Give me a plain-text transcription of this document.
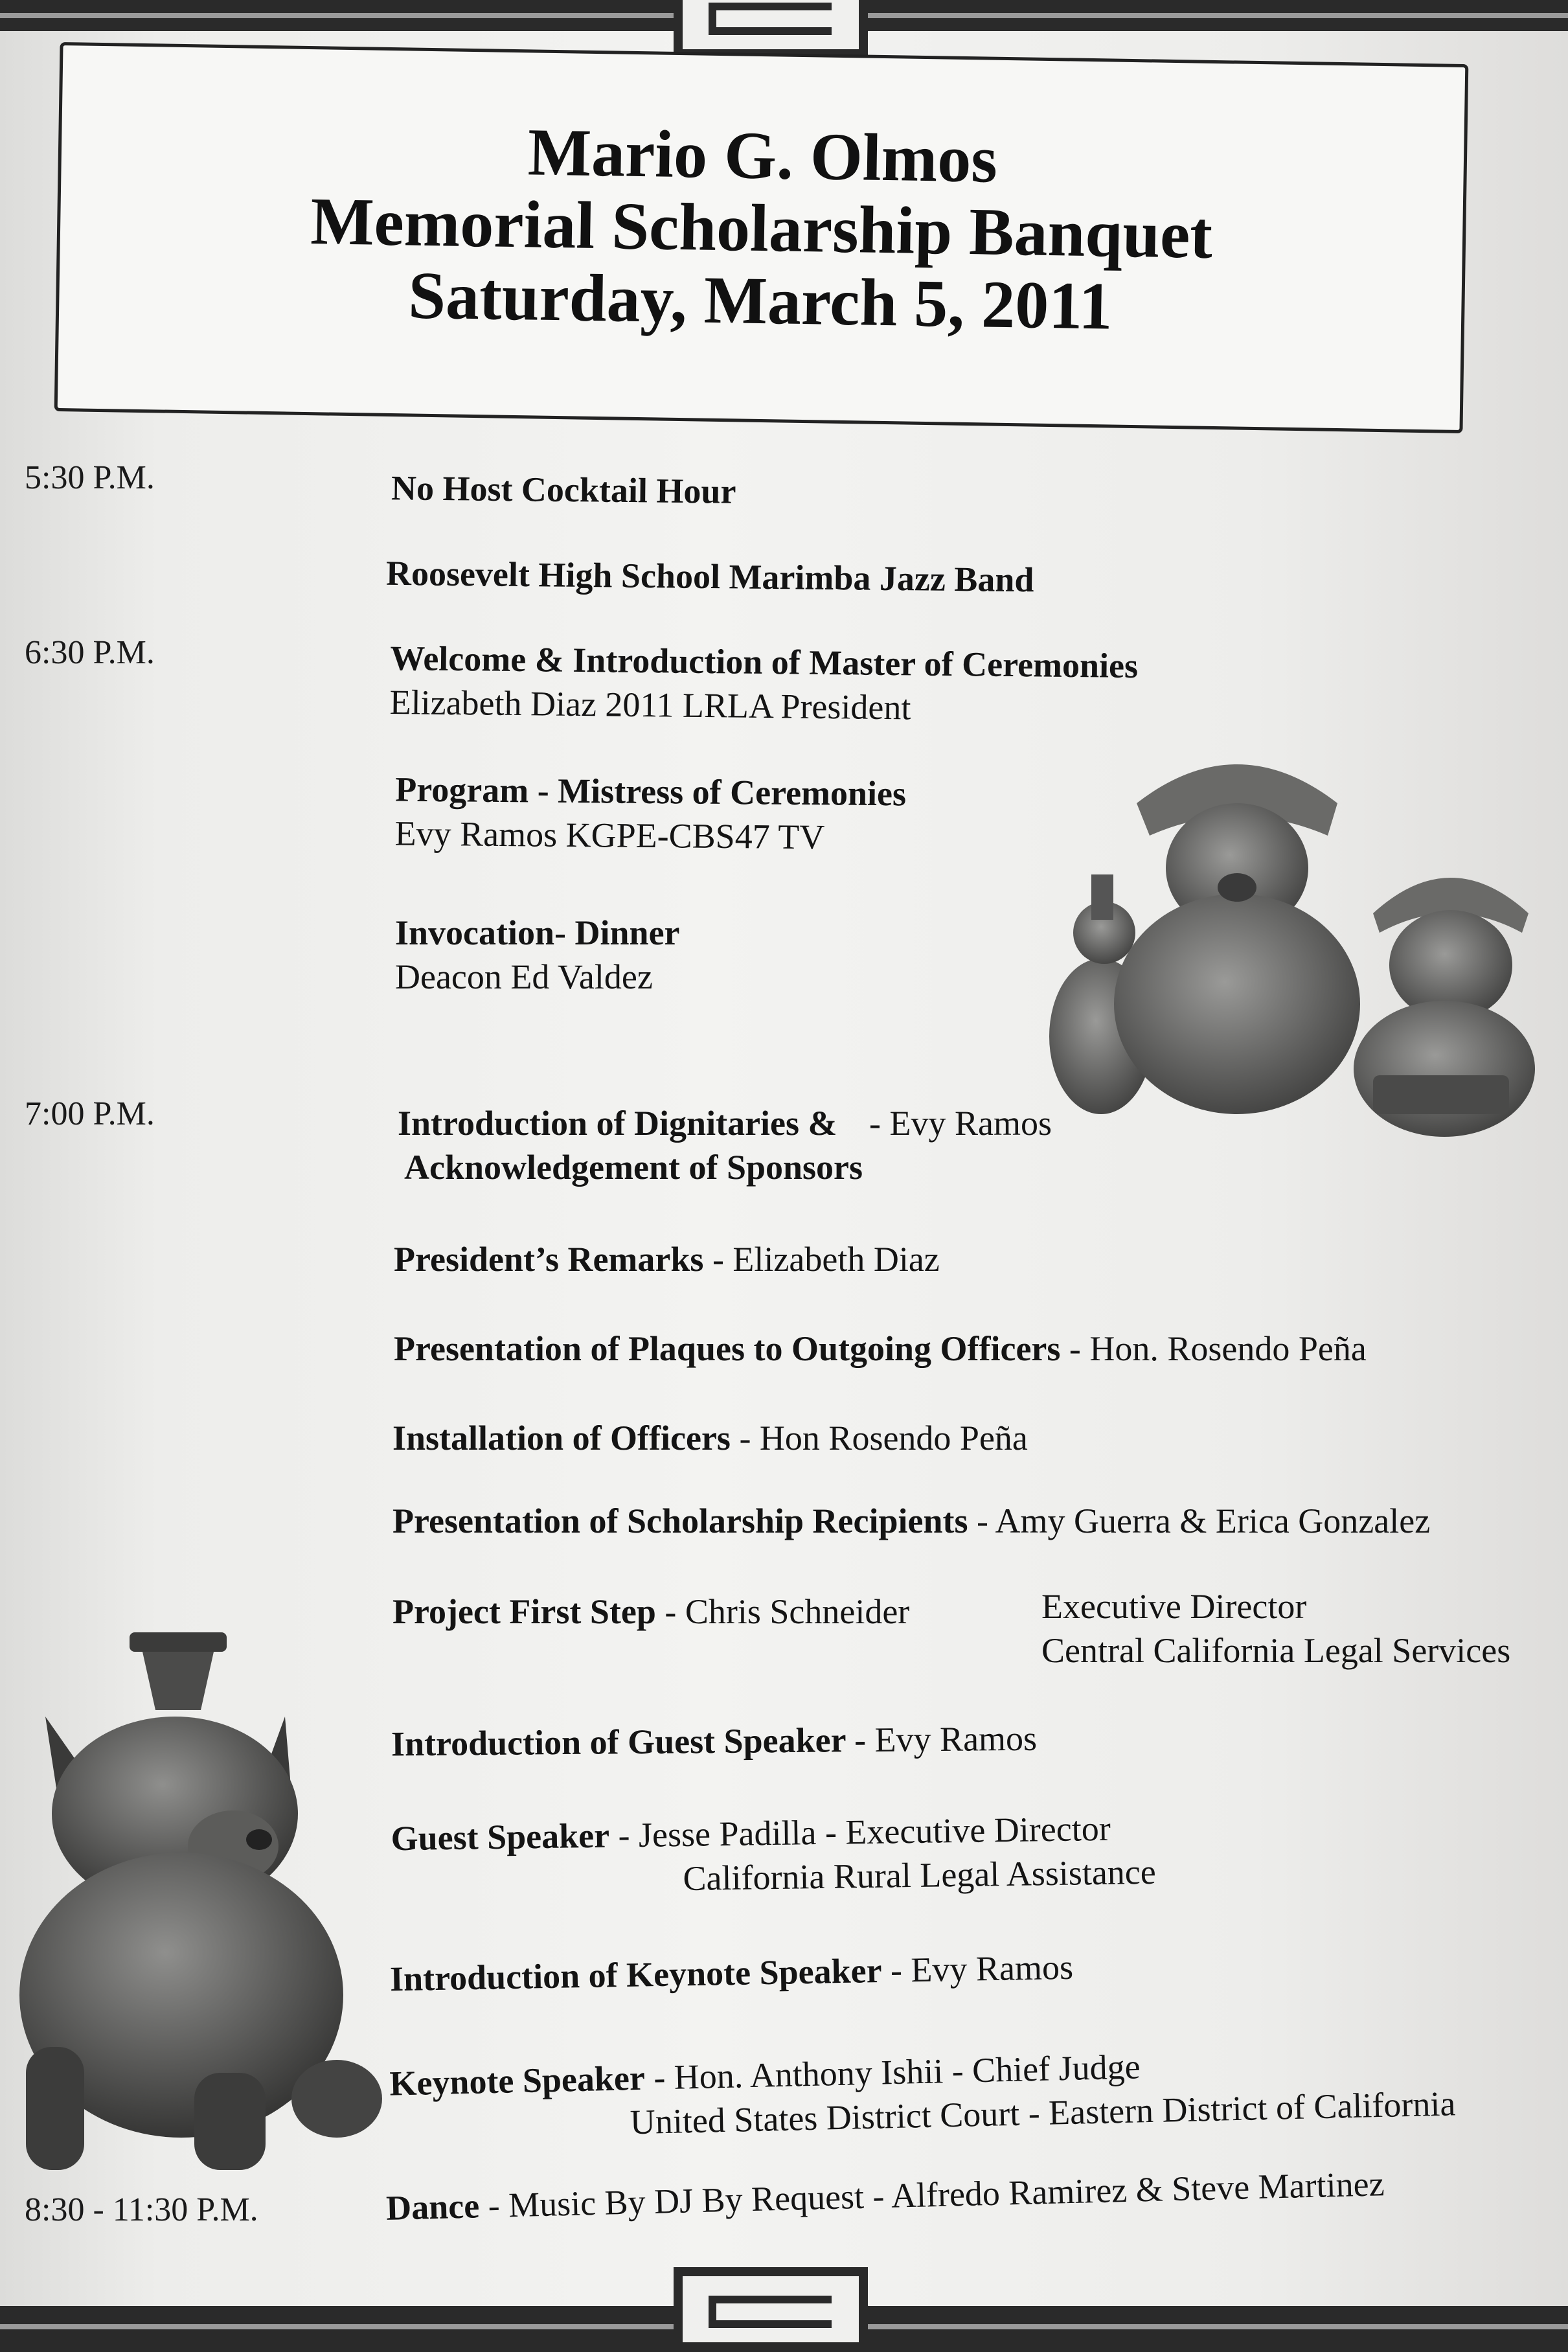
Mario G. Olmos
Memorial Scholarship Banquet
Saturday, March 5, 2011
5:30 P.M.
6:30 P.M.
7:00 P.M.
8:30 - 11:30 P.M.
No Host Cocktail Hour
Roosevelt High School Marimba Jazz Band
Welcome & Introduction of Master of Ceremonies
Elizabeth Diaz 2011 LRLA President
Program - Mistress of Ceremonies
Evy Ramos KGPE-CBS47 TV
Invocation- Dinner
Deacon Ed Valdez
Introduction of Dignitaries & - Evy Ramos
Acknowledgement of Sponsors
President’s Remarks - Elizabeth Diaz
Presentation of Plaques to Outgoing Officers - Hon. Rosendo Peña
Installation of Officers - Hon Rosendo Peña
Presentation of Scholarship Recipients - Amy Guerra & Erica Gonzalez
Project First Step - Chris Schneider	Executive Director
Central California Legal Services
Introduction of Guest Speaker - Evy Ramos
Guest Speaker - Jesse Padilla - Executive Director
California Rural Legal Assistance
Introduction of Keynote Speaker - Evy Ramos
Keynote Speaker - Hon. Anthony Ishii - Chief Judge
United States District Court - Eastern District of California
Dance - Music By DJ By Request - Alfredo Ramirez & Steve Martinez
